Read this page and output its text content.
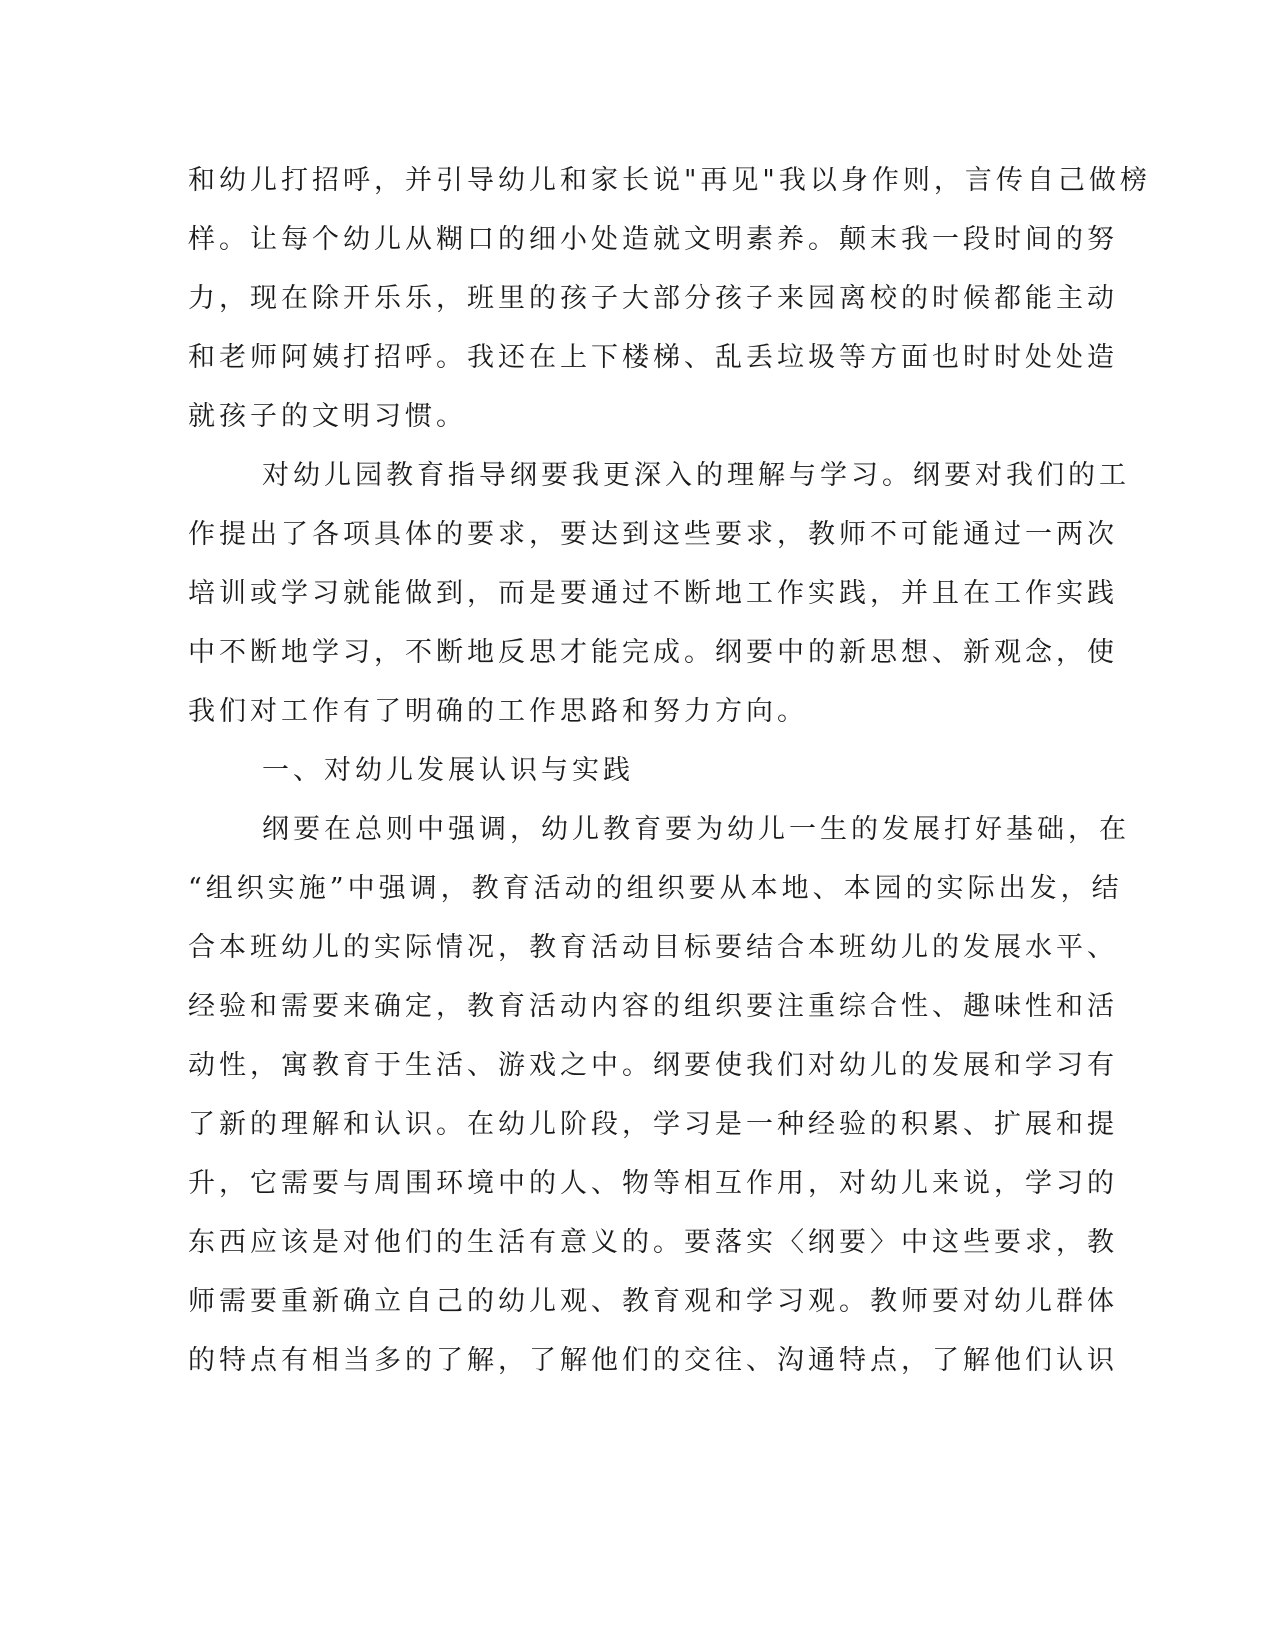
和幼儿打招呼，并引导幼儿和家长说"再见"我以身作则，言传自己做榜
样。让每个幼儿从糊口的细小处造就文明素养。颠末我一段时间的努
力，现在除开乐乐，班里的孩子大部分孩子来园离校的时候都能主动
和老师阿姨打招呼。我还在上下楼梯、乱丢垃圾等方面也时时处处造
就孩子的文明习惯。
对幼儿园教育指导纲要我更深入的理解与学习。纲要对我们的工
作提出了各项具体的要求，要达到这些要求，教师不可能通过一两次
培训或学习就能做到，而是要通过不断地工作实践，并且在工作实践
中不断地学习，不断地反思才能完成。纲要中的新思想、新观念，使
我们对工作有了明确的工作思路和努力方向。
一、对幼儿发展认识与实践
纲要在总则中强调，幼儿教育要为幼儿一生的发展打好基础，在
“组织实施”中强调，教育活动的组织要从本地、本园的实际出发，结
合本班幼儿的实际情况，教育活动目标要结合本班幼儿的发展水平、
经验和需要来确定，教育活动内容的组织要注重综合性、趣味性和活
动性，寓教育于生活、游戏之中。纲要使我们对幼儿的发展和学习有
了新的理解和认识。在幼儿阶段，学习是一种经验的积累、扩展和提
升，它需要与周围环境中的人、物等相互作用，对幼儿来说，学习的
东西应该是对他们的生活有意义的。要落实〈纲要〉中这些要求，教
师需要重新确立自己的幼儿观、教育观和学习观。教师要对幼儿群体
的特点有相当多的了解，了解他们的交往、沟通特点，了解他们认识
